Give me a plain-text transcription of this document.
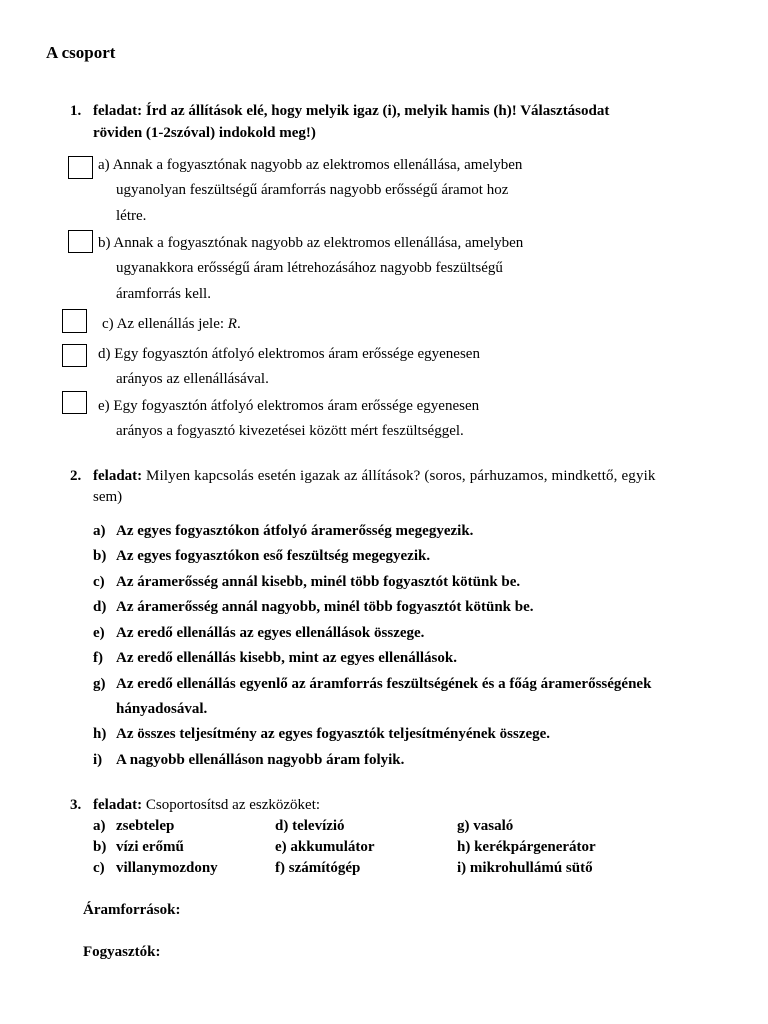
A csoport
1. feladat: Írd az állítások elé, hogy melyik igaz (i), melyik hamis (h)! Választásodat
röviden (1-2szóval) indokold meg!)
a) Annak a fogyasztónak nagyobb az elektromos ellenállása, amelyben
ugyanolyan feszültségű áramforrás nagyobb erősségű áramot hoz
létre.
b) Annak a fogyasztónak nagyobb az elektromos ellenállása, amelyben
ugyanakkora erősségű áram létrehozásához nagyobb feszültségű
áramforrás kell.
c) Az ellenállás jele: R.
d) Egy fogyasztón átfolyó elektromos áram erőssége egyenesen
arányos az ellenállásával.
e) Egy fogyasztón átfolyó elektromos áram erőssége egyenesen
arányos a fogyasztó kivezetései között mért feszültséggel.
2. feladat: Milyen kapcsolás esetén igazak az állítások? (soros, párhuzamos, mindkettő, egyik
sem)
a) Az egyes fogyasztókon átfolyó áramerősség megegyezik.
b) Az egyes fogyasztókon eső feszültség megegyezik.
c) Az áramerősség annál kisebb, minél több fogyasztót kötünk be.
d) Az áramerősség annál nagyobb, minél több fogyasztót kötünk be.
e) Az eredő ellenállás az egyes ellenállások összege.
f) Az eredő ellenállás kisebb, mint az egyes ellenállások.
g) Az eredő ellenállás egyenlő az áramforrás feszültségének és a főág áramerősségének
hányadosával.
h) Az összes teljesítmény az egyes fogyasztók teljesítményének összege.
i) A nagyobb ellenálláson nagyobb áram folyik.
3. feladat: Csoportosítsd az eszközöket:
a) zsebtelep
b) vízi erőmű
c) villanymozdony
d) televízió
e) akkumulátor
f) számítógép
g) vasaló
h) kerékpárgenerátor
i) mikrohullámú sütő
Áramforrások:
Fogyasztók:
